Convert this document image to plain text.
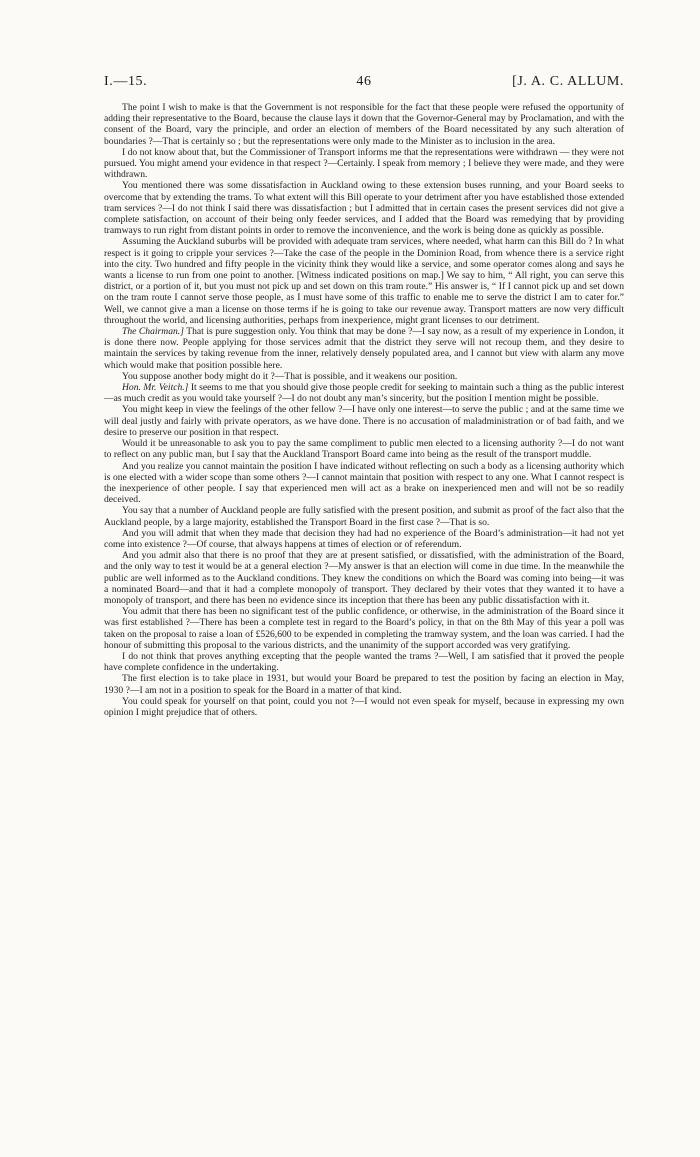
I.—15.	46	[J. A. C. ALLUM.

The point I wish to make is that the Government is not responsible for the fact that these people were refused the opportunity of adding their representative to the Board, because the clause lays it down that the Governor-General may by Proclamation, and with the consent of the Board, vary the principle, and order an election of members of the Board necessitated by any such alteration of boundaries ?—That is certainly so ; but the representations were only made to the Minister as to inclusion in the area.

I do not know about that, but the Commissioner of Transport informs me that the representations were withdrawn — they were not pursued. You might amend your evidence in that respect ?—Certainly. I speak from memory ; I believe they were made, and they were withdrawn.

You mentioned there was some dissatisfaction in Auckland owing to these extension buses running, and your Board seeks to overcome that by extending the trams. To what extent will this Bill operate to your detriment after you have established those extended tram services ?—I do not think I said there was dissatisfaction ; but I admitted that in certain cases the present services did not give a complete satisfaction, on account of their being only feeder services, and I added that the Board was remedying that by providing tramways to run right from distant points in order to remove the inconvenience, and the work is being done as quickly as possible.

Assuming the Auckland suburbs will be provided with adequate tram services, where needed, what harm can this Bill do ? In what respect is it going to cripple your services ?—Take the case of the people in the Dominion Road, from whence there is a service right into the city. Two hundred and fifty people in the vicinity think they would like a service, and some operator comes along and says he wants a license to run from one point to another. [Witness indicated positions on map.] We say to him, “ All right, you can serve this district, or a portion of it, but you must not pick up and set down on this tram route.” His answer is, “ If I cannot pick up and set down on the tram route I cannot serve those people, as I must have some of this traffic to enable me to serve the district I am to cater for.” Well, we cannot give a man a license on those terms if he is going to take our revenue away. Transport matters are now very difficult throughout the world, and licensing authorities, perhaps from inexperience, might grant licenses to our detriment.

The Chairman.] That is pure suggestion only. You think that may be done ?—I say now, as a result of my experience in London, it is done there now. People applying for those services admit that the district they serve will not recoup them, and they desire to maintain the services by taking revenue from the inner, relatively densely populated area, and I cannot but view with alarm any move which would make that position possible here.

You suppose another body might do it ?—That is possible, and it weakens our position.

Hon. Mr. Veitch.] It seems to me that you should give those people credit for seeking to maintain such a thing as the public interest—as much credit as you would take yourself ?—I do not doubt any man’s sincerity, but the position I mention might be possible.

You might keep in view the feelings of the other fellow ?—I have only one interest—to serve the public ; and at the same time we will deal justly and fairly with private operators, as we have done. There is no accusation of maladministration or of bad faith, and we desire to preserve our position in that respect.

Would it be unreasonable to ask you to pay the same compliment to public men elected to a licensing authority ?—I do not want to reflect on any public man, but I say that the Auckland Transport Board came into being as the result of the transport muddle.

And you realize you cannot maintain the position I have indicated without reflecting on such a body as a licensing authority which is one elected with a wider scope than some others ?—I cannot maintain that position with respect to any one. What I cannot respect is the inexperience of other people. I say that experienced men will act as a brake on inexperienced men and will not be so readily deceived.

You say that a number of Auckland people are fully satisfied with the present position, and submit as proof of the fact also that the Auckland people, by a large majority, established the Transport Board in the first case ?—That is so.

And you will admit that when they made that decision they had had no experience of the Board’s administration—it had not yet come into existence ?—Of course, that always happens at times of election or of referendum.

And you admit also that there is no proof that they are at present satisfied, or dissatisfied, with the administration of the Board, and the only way to test it would be at a general election ?—My answer is that an election will come in due time. In the meanwhile the public are well informed as to the Auckland conditions. They knew the conditions on which the Board was coming into being—it was a nominated Board—and that it had a complete monopoly of transport. They declared by their votes that they wanted it to have a monopoly of transport, and there has been no evidence since its inception that there has been any public dissatisfaction with it.

You admit that there has been no significant test of the public confidence, or otherwise, in the administration of the Board since it was first established ?—There has been a complete test in regard to the Board’s policy, in that on the 8th May of this year a poll was taken on the proposal to raise a loan of £526,600 to be expended in completing the tramway system, and the loan was carried. I had the honour of submitting this proposal to the various districts, and the unanimity of the support accorded was very gratifying.

I do not think that proves anything excepting that the people wanted the trams ?—Well, I am satisfied that it proved the people have complete confidence in the undertaking.

The first election is to take place in 1931, but would your Board be prepared to test the position by facing an election in May, 1930 ?—I am not in a position to speak for the Board in a matter of that kind.

You could speak for yourself on that point, could you not ?—I would not even speak for myself, because in expressing my own opinion I might prejudice that of others.
